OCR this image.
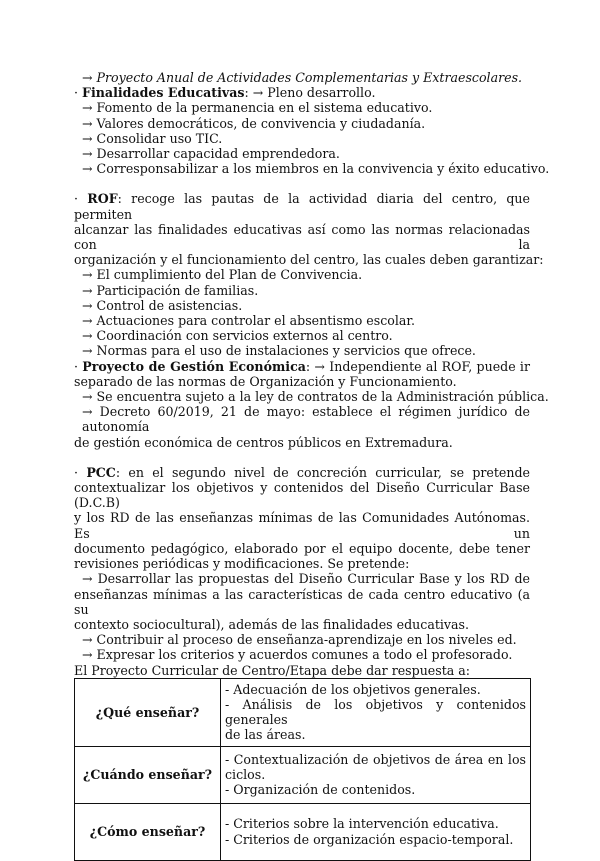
→ Proyecto Anual de Actividades Complementarias y Extraescolares.
· Finalidades Educativas: → Pleno desarrollo.
→ Fomento de la permanencia en el sistema educativo.
→ Valores democráticos, de convivencia y ciudadanía.
→ Consolidar uso TIC.
→ Desarrollar capacidad emprendedora.
→ Corresponsabilizar a los miembros en la convivencia y éxito educativo.
· ROF: recoge las pautas de la actividad diaria del centro, que permiten
alcanzar las finalidades educativas así como las normas relacionadas con la
organización y el funcionamiento del centro, las cuales deben garantizar:
→ El cumplimiento del Plan de Convivencia.
→ Participación de familias.
→ Control de asistencias.
→ Actuaciones para controlar el absentismo escolar.
→ Coordinación con servicios externos al centro.
→ Normas para el uso de instalaciones y servicios que ofrece.
· Proyecto de Gestión Económica: → Independiente al ROF, puede ir
separado de las normas de Organización y Funcionamiento.
→ Se encuentra sujeto a la ley de contratos de la Administración pública.
→ Decreto 60/2019, 21 de mayo: establece el régimen jurídico de autonomía
de gestión económica de centros públicos en Extremadura.
· PCC: en el segundo nivel de concreción curricular, se pretende
contextualizar los objetivos y contenidos del Diseño Curricular Base (D.C.B)
y los RD de las enseñanzas mínimas de las Comunidades Autónomas. Es un
documento pedagógico, elaborado por el equipo docente, debe tener
revisiones periódicas y modificaciones. Se pretende:
→ Desarrollar las propuestas del Diseño Curricular Base y los RD de
enseñanzas mínimas a las características de cada centro educativo (a su
contexto sociocultural), además de las finalidades educativas.
→ Contribuir al proceso de enseñanza-aprendizaje en los niveles ed.
→ Expresar los criterios y acuerdos comunes a todo el profesorado.
El Proyecto Curricular de Centro/Etapa debe dar respuesta a:
¿Qué enseñar?	- Adecuación de los objetivos generales.
- Análisis de los objetivos y contenidos generales
de las áreas.

¿Cuándo enseñar?	- Contextualización de objetivos de área en los
ciclos.
- Organización de contenidos.

¿Cómo enseñar?	- Criterios sobre la intervención educativa.
- Criterios de organización espacio-temporal.
